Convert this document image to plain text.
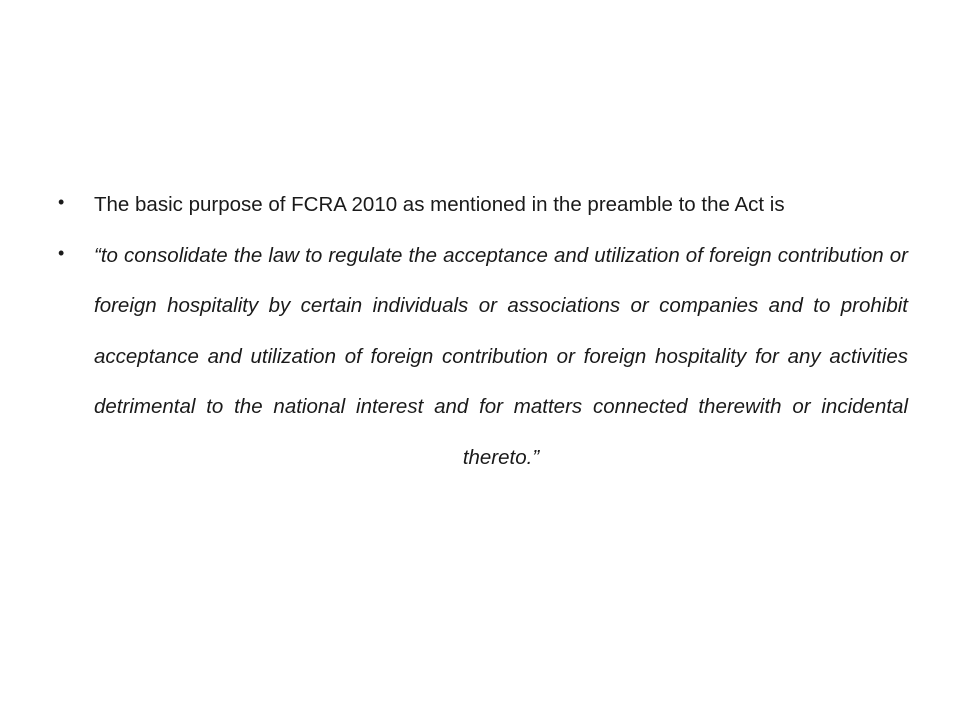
• The basic purpose of FCRA 2010 as mentioned in the preamble to the Act is
• “to consolidate the law to regulate the acceptance and utilization of foreign contribution or foreign hospitality by certain individuals or associations or companies and to prohibit acceptance and utilization of foreign contribution or foreign hospitality for any activities detrimental to the national interest and for matters connected therewith or incidental thereto.”
